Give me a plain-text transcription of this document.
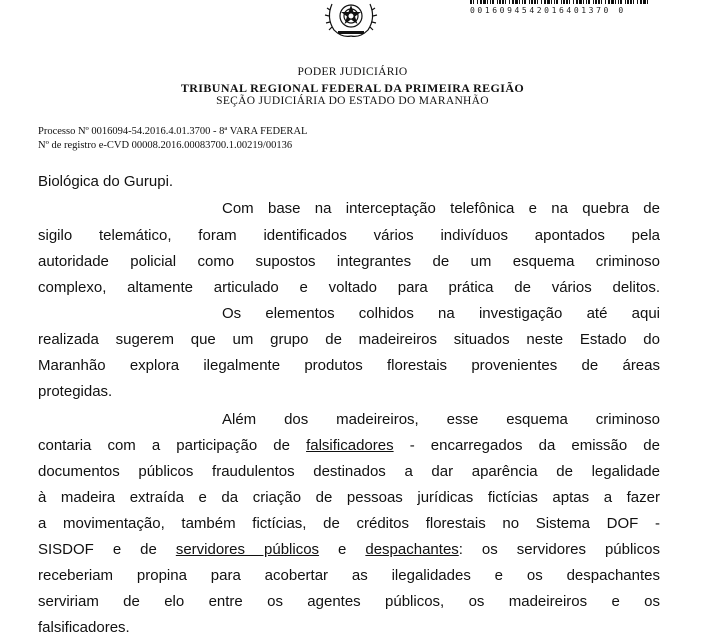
0016094542016401370 0
PODER JUDICIÁRIO
TRIBUNAL REGIONAL FEDERAL DA PRIMEIRA REGIÃO
SEÇÃO JUDICIÁRIA DO ESTADO DO MARANHÃO
Processo Nº 0016094-54.2016.4.01.3700 - 8ª VARA FEDERAL
Nº de registro e-CVD 00008.2016.00083700.1.00219/00136
Biológica do Gurupi.
Com base na interceptação telefônica e na quebra de
sigilo telemático, foram identificados vários indivíduos apontados pela
autoridade policial como supostos integrantes de um esquema criminoso
complexo, altamente articulado e voltado para prática de vários delitos.
Os elementos colhidos na investigação até aqui
realizada sugerem que um grupo de madeireiros situados neste Estado do
Maranhão explora ilegalmente produtos florestais provenientes de áreas
protegidas.
Além dos madeireiros, esse esquema criminoso
contaria com a participação de falsificadores - encarregados da emissão de
documentos públicos fraudulentos destinados a dar aparência de legalidade
à madeira extraída e da criação de pessoas jurídicas fictícias aptas a fazer
a movimentação, também fictícias, de créditos florestais no Sistema DOF -
SISDOF e de servidores públicos e despachantes: os servidores públicos
receberiam propina para acobertar as ilegalidades e os despachantes
serviriam de elo entre os agentes públicos, os madeireiros e os
falsificadores.
